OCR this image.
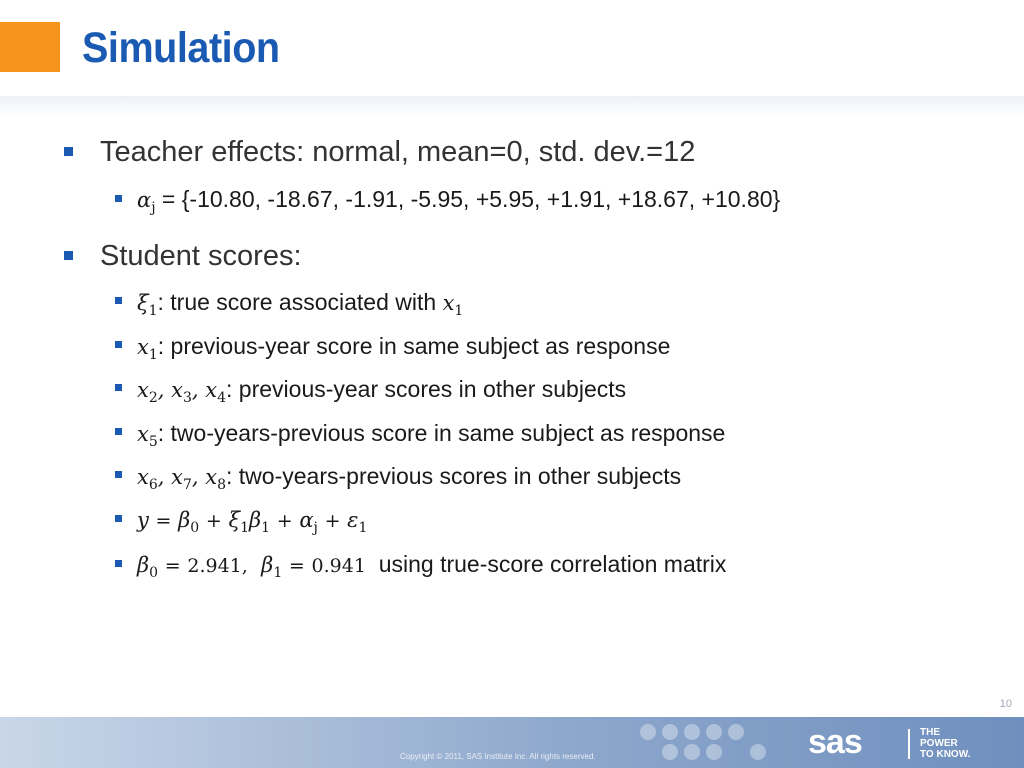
Simulation
Teacher effects: normal, mean=0, std. dev.=12
$\alpha_j = \{-10.80$, -18.67, -1.91, -5.95, +5.95, +1.91, +18.67, +10.80}
Student scores:
$\xi_1$: true score associated with $x_1$
$x_1$: previous-year score in same subject as response
$x_2$, $x_3$, $x_4$: previous-year scores in other subjects
$x_5$: two-years-previous score in same subject as response
$x_6$, $x_7$, $x_8$: two-years-previous scores in other subjects
$y = \beta_0 + \xi_1\beta_1 + \alpha_j + \varepsilon_1$
$\beta_0 = 2.941$,  $\beta_1 = 0.941$ using true-score correlation matrix
10
Copyright © 2011, SAS Institute Inc. All rights reserved.	sas	THE
POWER
TO KNOW.
